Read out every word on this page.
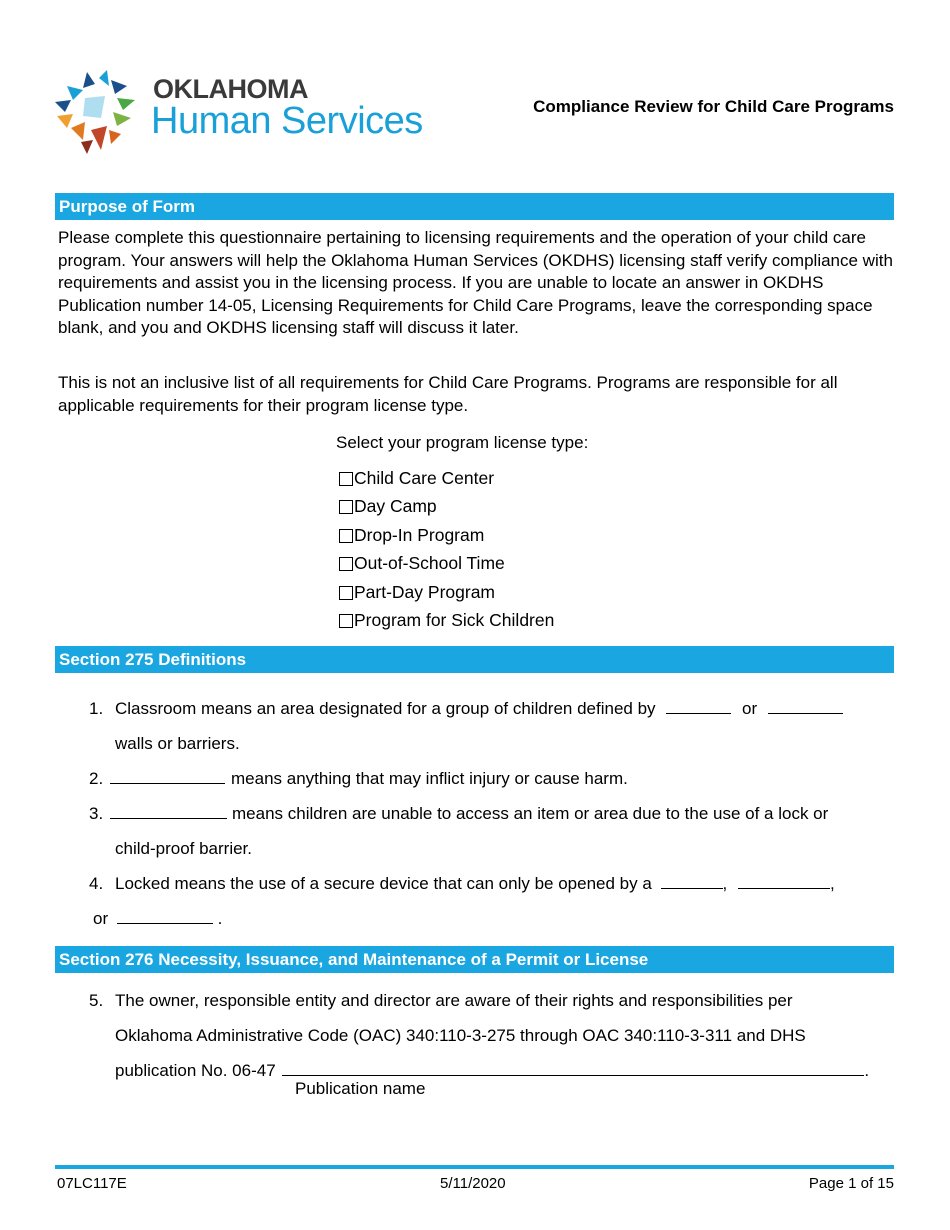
OKLAHOMA
Human Services	Compliance Review for Child Care Programs
Purpose of Form

Please complete this questionnaire pertaining to licensing requirements and the operation of your child care program. Your answers will help the Oklahoma Human Services (OKDHS) licensing staff verify compliance with requirements and assist you in the licensing process. If you are unable to locate an answer in OKDHS Publication number 14-05, Licensing Requirements for Child Care Programs, leave the corresponding space blank, and you and OKDHS licensing staff will discuss it later.

This is not an inclusive list of all requirements for Child Care Programs. Programs are responsible for all applicable requirements for their program license type.

Select your program license type:
Child Care Center
Day Camp
Drop-In Program
Out-of-School Time
Part-Day Program
Program for Sick Children
Section 275 Definitions
1. Classroom means an area designated for a group of children defined by	or
walls or barriers.
2.	means anything that may inflict injury or cause harm.
3.	means children are unable to access an item or area due to the use of a lock or
child-proof barrier.
4. Locked means the use of a secure device that can only be opened by a	,	,
or	.
Section 276 Necessity, Issuance, and Maintenance of a Permit or License
5. The owner, responsible entity and director are aware of their rights and responsibilities per
Oklahoma Administrative Code (OAC) 340:110-3-275 through OAC 340:110-3-311 and DHS
publication No. 06-47	.
Publication name
07LC117E	5/11/2020	Page 1 of 15
